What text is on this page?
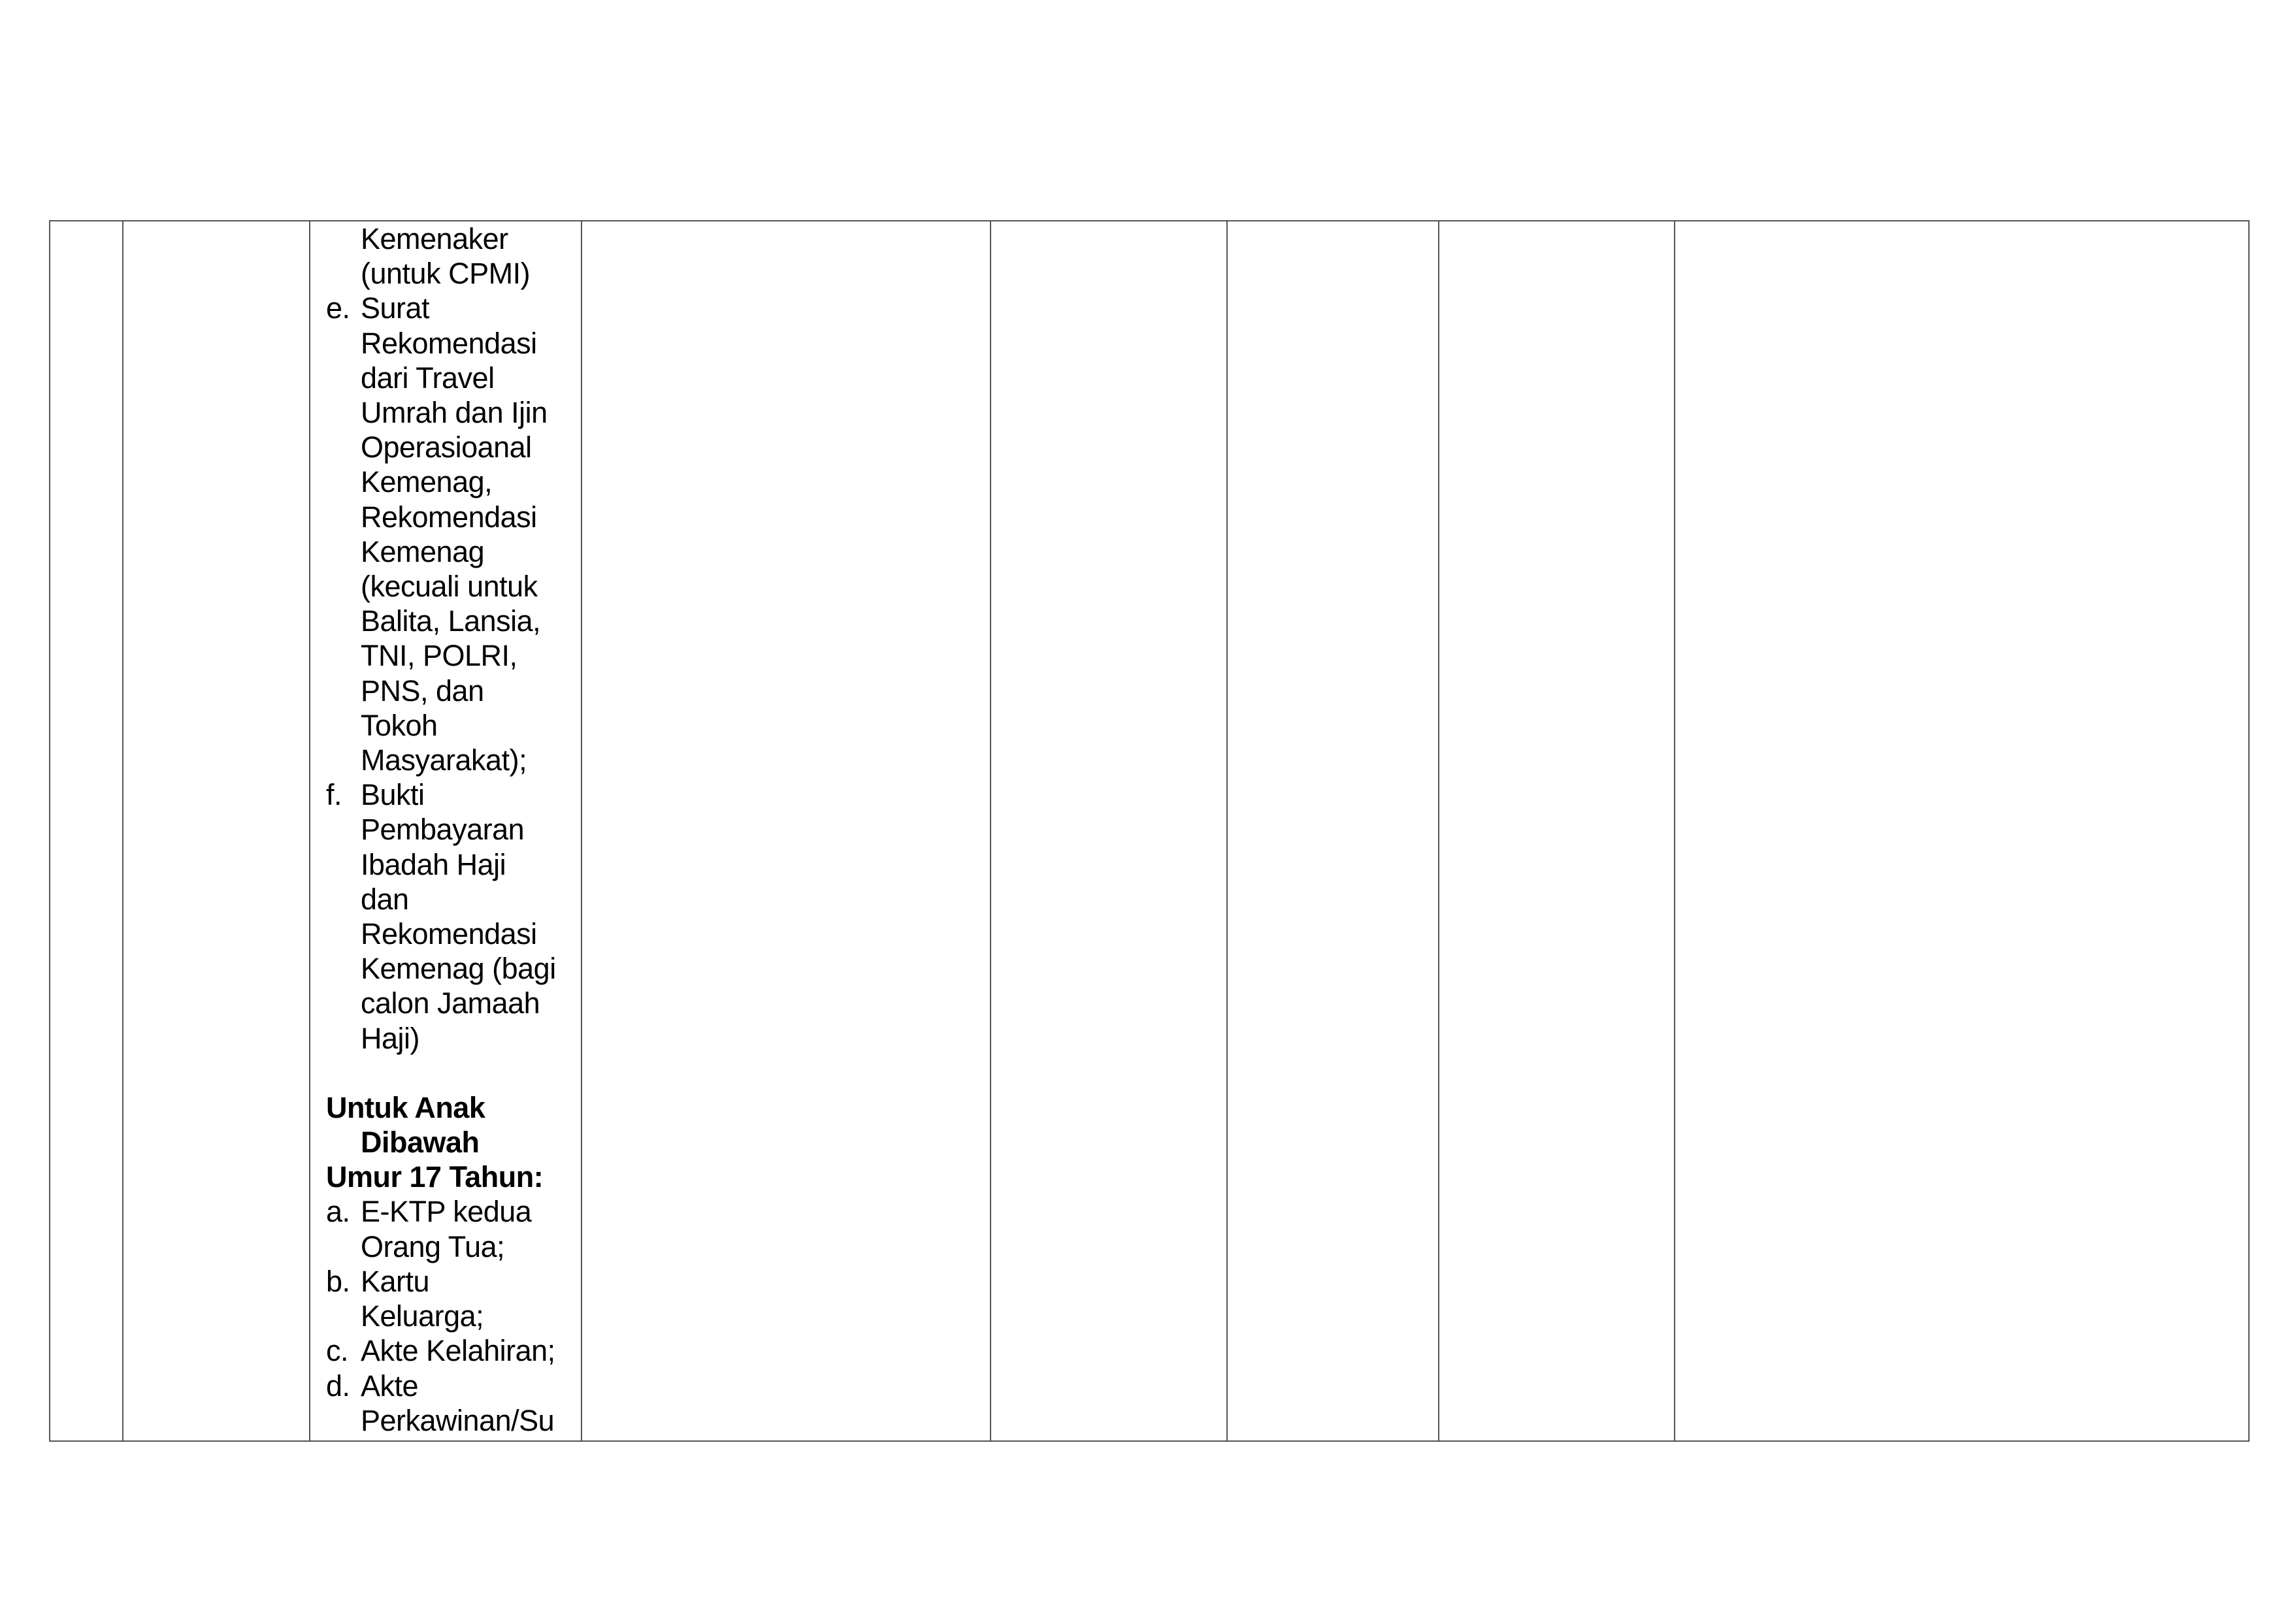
Kemenaker
(untuk CPMI)
e. Surat
Rekomendasi
dari Travel
Umrah dan Ijin
Operasioanal
Kemenag,
Rekomendasi
Kemenag
(kecuali untuk
Balita, Lansia,
TNI, POLRI,
PNS, dan
Tokoh
Masyarakat);
f. Bukti
Pembayaran
Ibadah Haji
dan
Rekomendasi
Kemenag (bagi
calon Jamaah
Haji)
Untuk Anak
Dibawah
Umur 17 Tahun:
a. E-KTP kedua
Orang Tua;
b. Kartu
Keluarga;
c. Akte Kelahiran;
d. Akte
Perkawinan/Su
